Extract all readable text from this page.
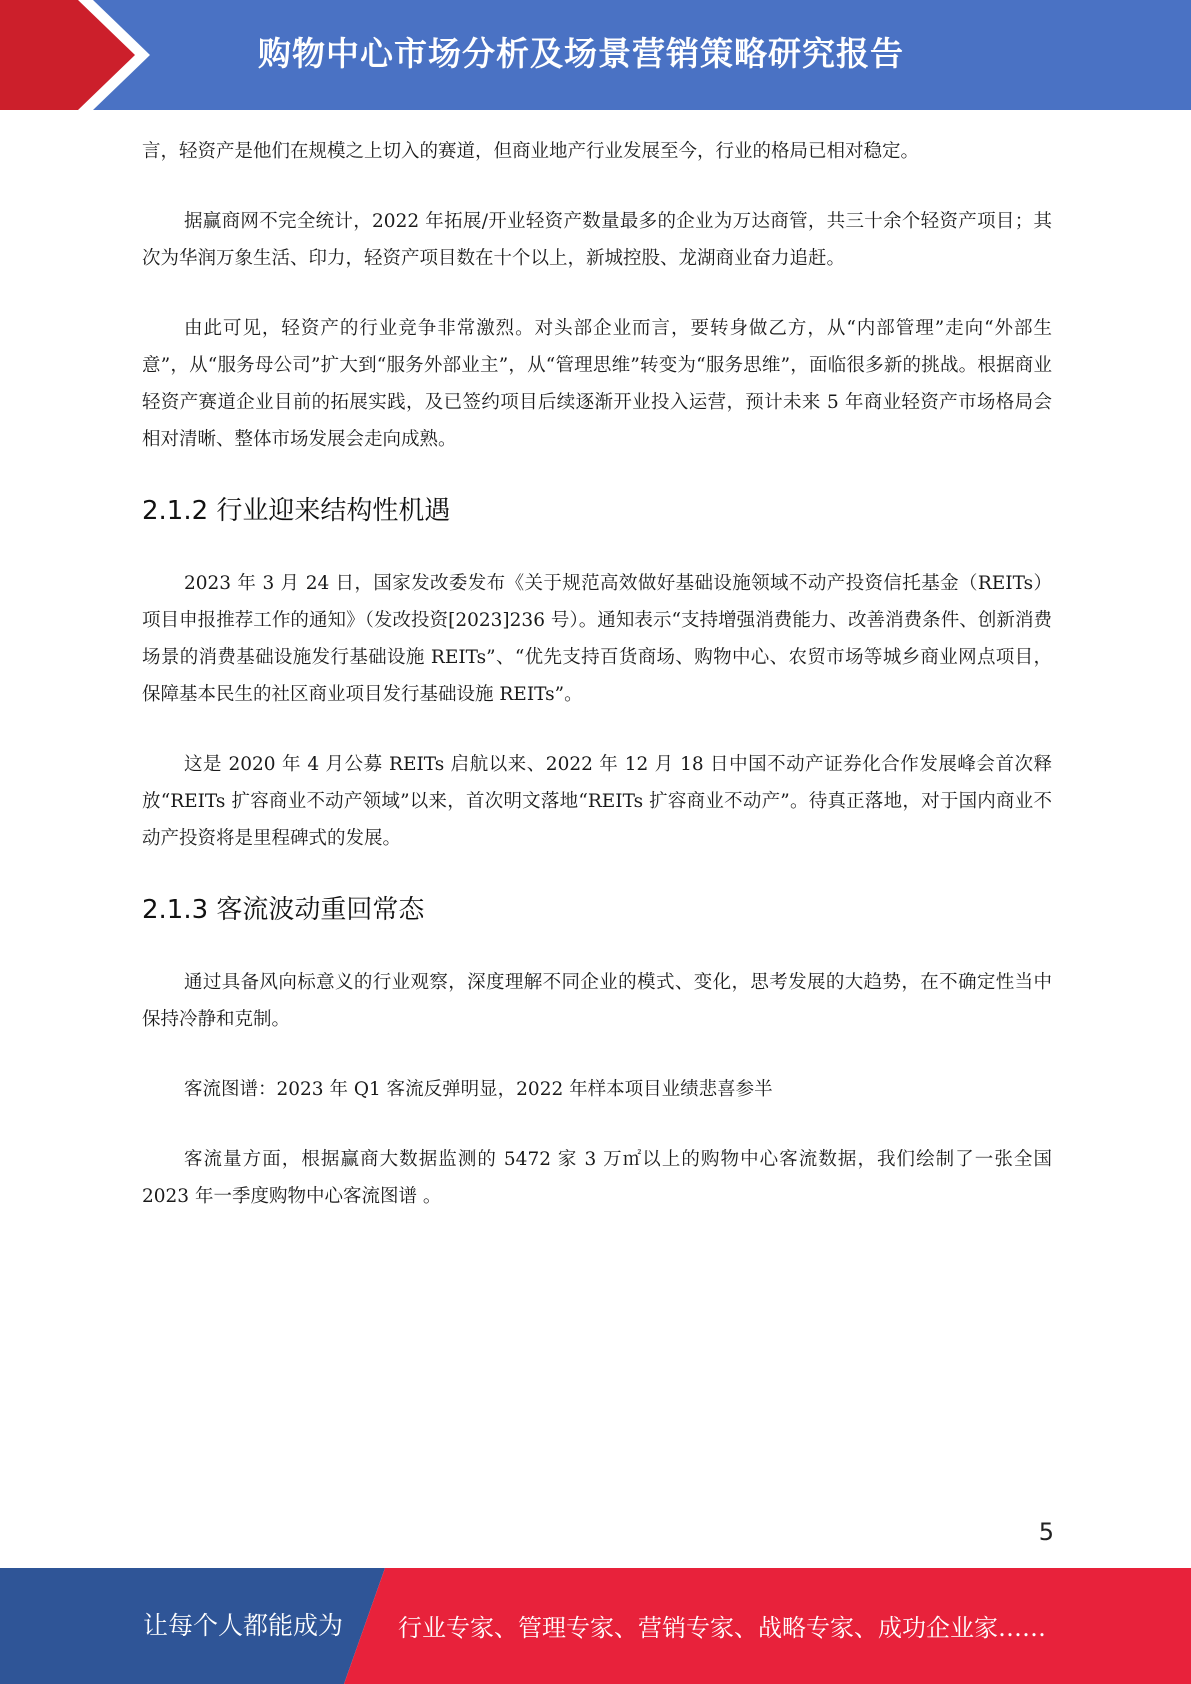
购物中心市场分析及场景营销策略研究报告

言，轻资产是他们在规模之上切入的赛道，但商业地产行业发展至今，行业的格局已相对稳定。

据赢商网不完全统计，2022 年拓展/开业轻资产数量最多的企业为万达商管，共三十余个轻资产项目；其次为华润万象生活、印力，轻资产项目数在十个以上，新城控股、龙湖商业奋力追赶。

由此可见，轻资产的行业竞争非常激烈。对头部企业而言，要转身做乙方，从“内部管理”走向“外部生意”，从“服务母公司”扩大到“服务外部业主”，从“管理思维”转变为“服务思维”，面临很多新的挑战。根据商业轻资产赛道企业目前的拓展实践，及已签约项目后续逐渐开业投入运营，预计未来 5 年商业轻资产市场格局会相对清晰、整体市场发展会走向成熟。

2.1.2 行业迎来结构性机遇

2023 年 3 月 24 日，国家发改委发布《关于规范高效做好基础设施领域不动产投资信托基金（REITs）项目申报推荐工作的通知》（发改投资[2023]236 号）。通知表示“支持增强消费能力、改善消费条件、创新消费场景的消费基础设施发行基础设施 REITs”、“优先支持百货商场、购物中心、农贸市场等城乡商业网点项目，保障基本民生的社区商业项目发行基础设施 REITs”。

这是 2020 年 4 月公募 REITs 启航以来、2022 年 12 月 18 日中国不动产证券化合作发展峰会首次释放“REITs 扩容商业不动产领域”以来，首次明文落地“REITs 扩容商业不动产”。待真正落地，对于国内商业不动产投资将是里程碑式的发展。

2.1.3 客流波动重回常态

通过具备风向标意义的行业观察，深度理解不同企业的模式、变化，思考发展的大趋势，在不确定性当中保持冷静和克制。

客流图谱：2023 年 Q1 客流反弹明显，2022 年样本项目业绩悲喜参半

客流量方面，根据赢商大数据监测的 5472 家 3 万㎡以上的购物中心客流数据，我们绘制了一张全国 2023 年一季度购物中心客流图谱 。

5
让每个人都能成为 行业专家、管理专家、营销专家、战略专家、成功企业家……
